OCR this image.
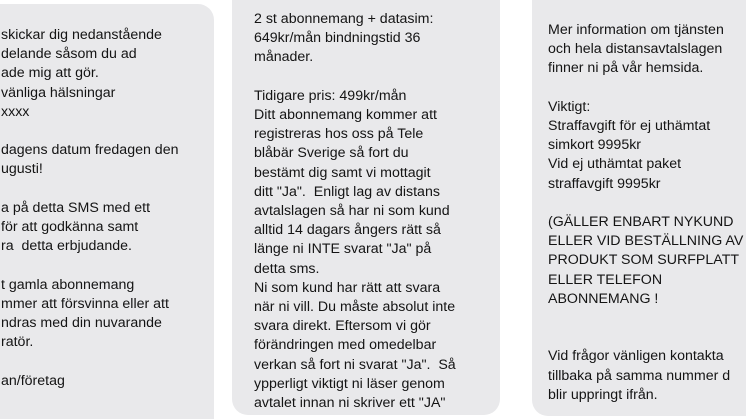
skickar dig nedanstående
delande såsom du ad
ade mig att gör.
vänliga hälsningar
xxxx

dagens datum fredagen den
ugusti!

a på detta SMS med ett
för att godkänna samt
ra  detta erbjudande.

t gamla abonnemang
mmer att försvinna eller att
ndras med din nuvarande
ratör.

an/företag
2 st abonnemang + datasim:
649kr/mån bindningstid 36
månader.

Tidigare pris: 499kr/mån
Ditt abonnemang kommer att
registreras hos oss på Tele
blåbär Sverige så fort du
bestämt dig samt vi mottagit
ditt "Ja".  Enligt lag av distans
avtalslagen så har ni som kund
alltid 14 dagars ångers rätt så
länge ni INTE svarat "Ja" på
detta sms.
Ni som kund har rätt att svara
när ni vill. Du måste absolut inte
svara direkt. Eftersom vi gör
förändringen med omedelbar
verkan så fort ni svarat "Ja".  Så
ypperligt viktigt ni läser genom
avtalet innan ni skriver ett "JA"
Mer information om tjänsten
och hela distansavtalslagen
finner ni på vår hemsida.

Viktigt:
Straffavgift för ej uthämtat
simkort 9995kr
Vid ej uthämtat paket
straffavgift 9995kr

(GÄLLER ENBART NYKUND
ELLER VID BESTÄLLNING AV
PRODUKT SOM SURFPLATT
ELLER TELEFON
ABONNEMANG !

Vid frågor vänligen kontakta
tillbaka på samma nummer d
blir uppringt ifrån.
